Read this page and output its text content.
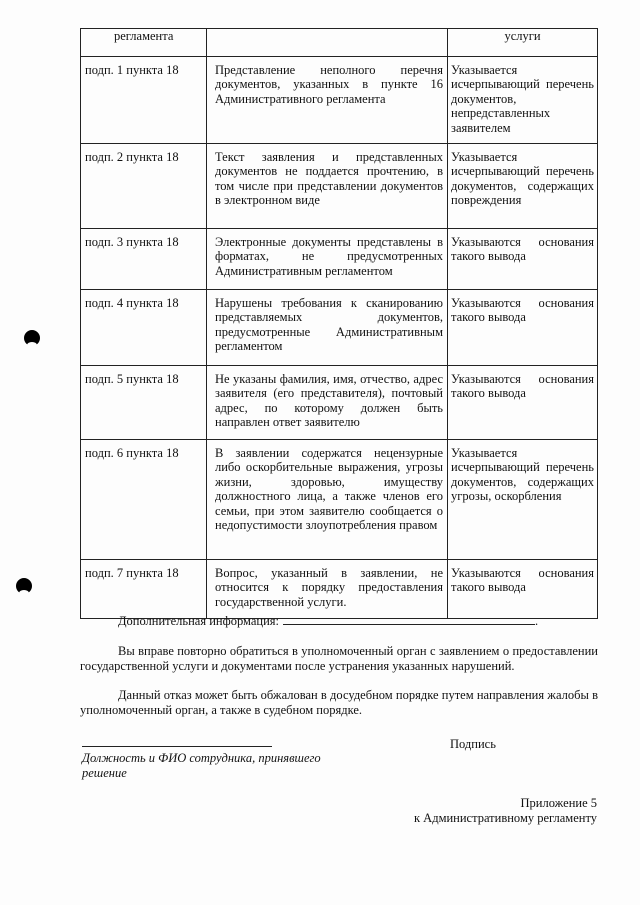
регламента		услуги
подп. 1 пункта 18	Представление неполного перечня документов, указанных в пункте 16 Административного регламента	Указывается исчерпывающий перечень документов, непредставленных заявителем
подп. 2 пункта 18	Текст заявления и представленных документов не поддается прочтению, в том числе при представлении документов в электронном виде	Указывается исчерпывающий перечень документов, содержащих повреждения
подп. 3 пункта 18	Электронные документы представлены в форматах, не предусмотренных Административным регламентом	Указываются основания такого вывода
подп. 4 пункта 18	Нарушены требования к сканированию представляемых документов, предусмотренные Административным регламентом	Указываются основания такого вывода
подп. 5 пункта 18	Не указаны фамилия, имя, отчество, адрес заявителя (его представителя), почтовый адрес, по которому должен быть направлен ответ заявителю	Указываются основания такого вывода
подп. 6 пункта 18	В заявлении содержатся нецензурные либо оскорбительные выражения, угрозы жизни, здоровью, имуществу должностного лица, а также членов его семьи, при этом заявителю сообщается о недопустимости злоупотребления правом	Указывается исчерпывающий перечень документов, содержащих угрозы, оскорбления
подп. 7 пункта 18	Вопрос, указанный в заявлении, не относится к порядку предоставления государственной услуги.	Указываются основания такого вывода
Дополнительная информация:	.
Вы вправе повторно обратиться в уполномоченный орган с заявлением о предоставлении государственной услуги и документами после устранения указанных нарушений.
Данный отказ может быть обжалован в досудебном порядке путем направления жалобы в уполномоченный орган, а также в судебном порядке.
Должность и ФИО сотрудника, принявшего решение
Подпись
Приложение 5
к Административному регламенту
